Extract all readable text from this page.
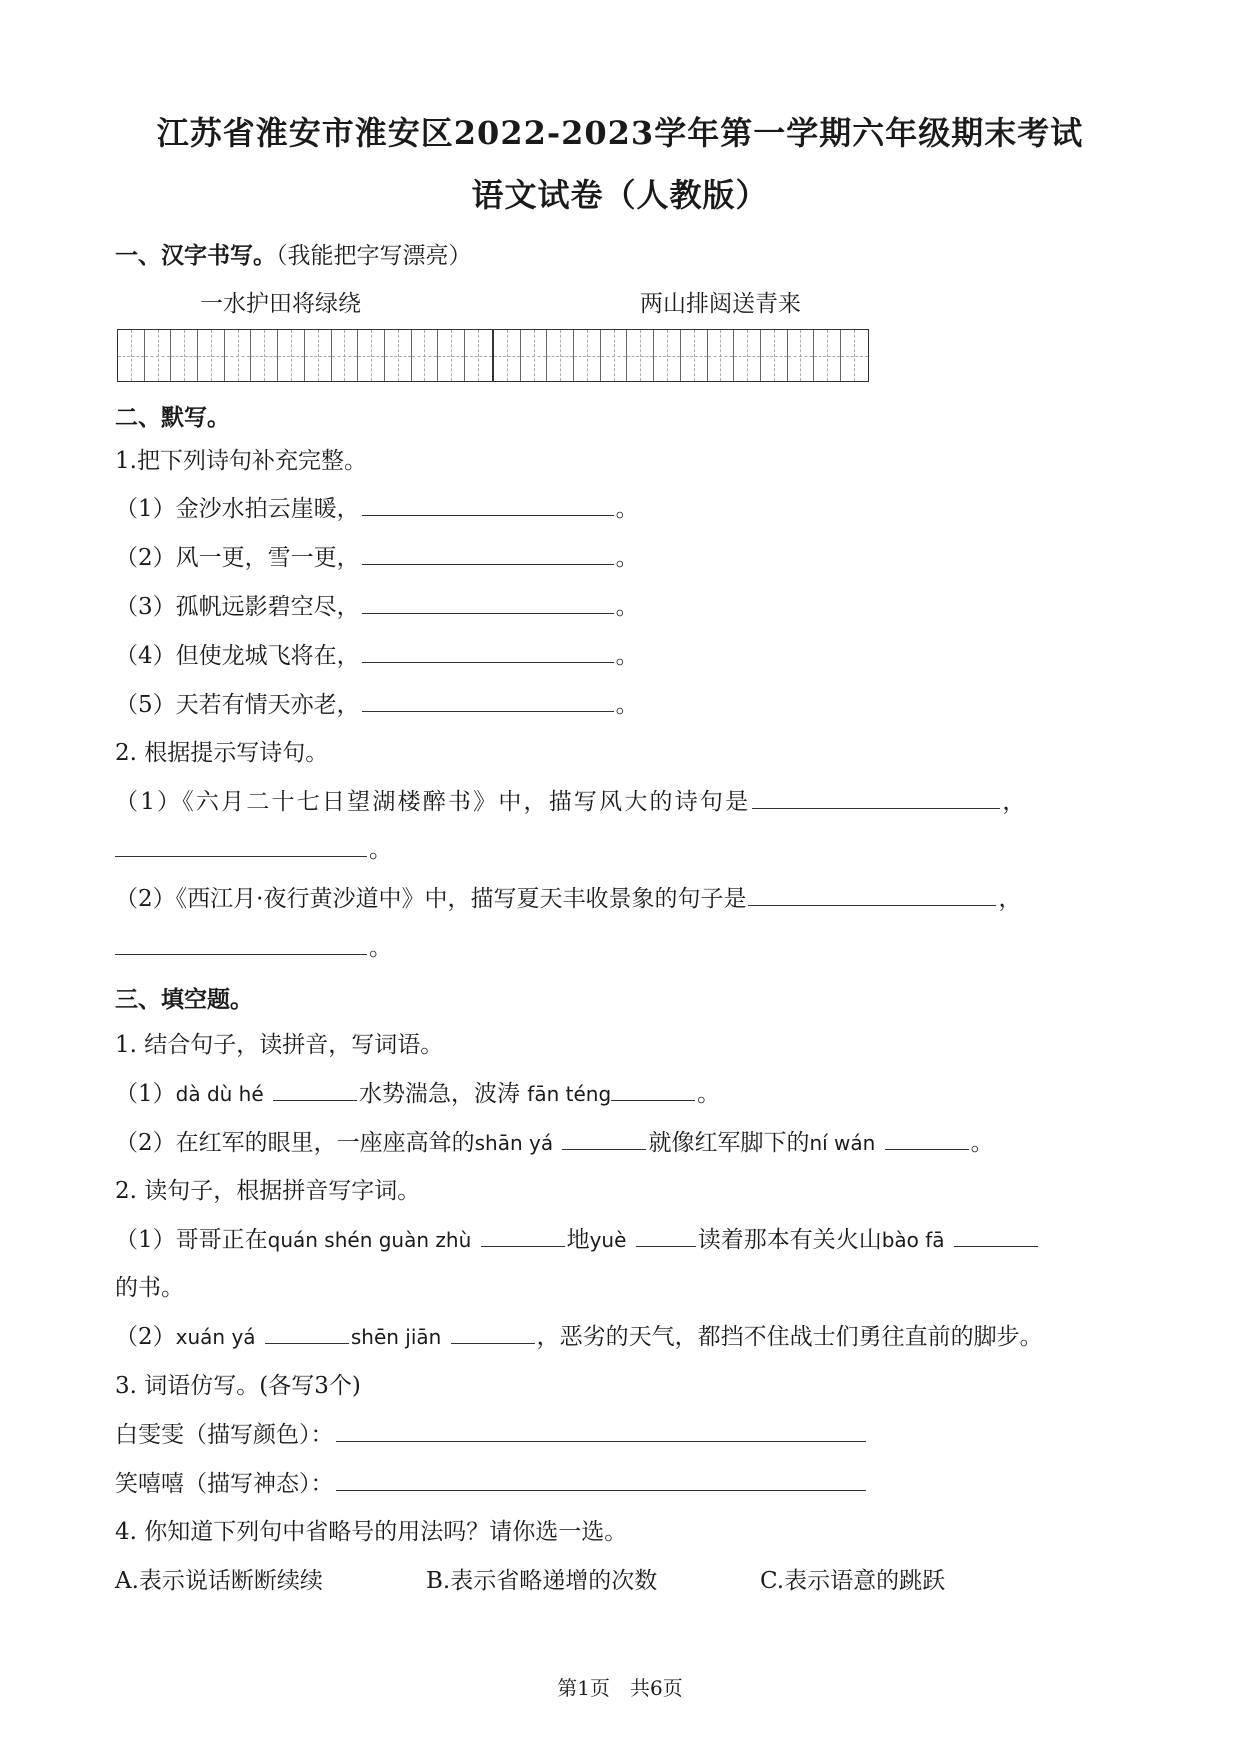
江苏省淮安市淮安区2022-2023学年第一学期六年级期末考试
语文试卷（人教版）
一、汉字书写。（我能把字写漂亮）
一水护田将绿绕	两山排闼送青来
二、默写。
1.把下列诗句补充完整。
（1）金沙水拍云崖暖，	。
（2）风一更，雪一更，	。
（3）孤帆远影碧空尽，	。
（4）但使龙城飞将在，	。
（5）天若有情天亦老，	。
2. 根据提示写诗句。
（1）《六月二十七日望湖楼醉书》中，描写风大的诗句是	，
。
（2）《西江月·夜行黄沙道中》中，描写夏天丰收景象的句子是	，
。
三、填空题。
1. 结合句子，读拼音，写词语。
（1）dà dù hé	水势湍急，波涛 fān téng	。
（2）在红军的眼里，一座座高耸的shān yá	就像红军脚下的ní wán	。
2. 读句子，根据拼音写字词。
（1）哥哥正在quán shén guàn zhù	地yuè	读着那本有关火山bào fā
的书。
（2）xuán yá	shēn jiān	，恶劣的天气，都挡不住战士们勇往直前的脚步。
3. 词语仿写。(各写3个)
白雯雯（描写颜色）：
笑嘻嘻（描写神态）：
4. 你知道下列句中省略号的用法吗？请你选一选。
A.表示说话断断续续	B.表示省略递增的次数	C.表示语意的跳跃
第1页　共6页
